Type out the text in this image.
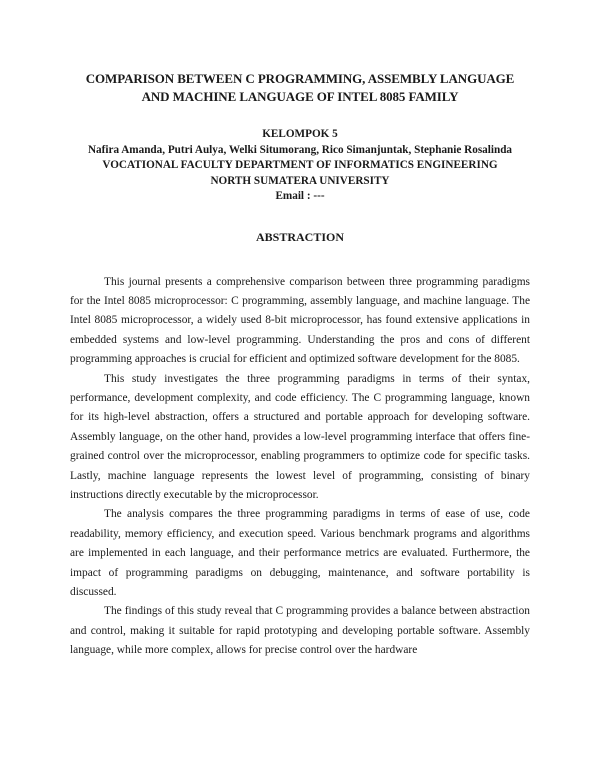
COMPARISON BETWEEN C PROGRAMMING, ASSEMBLY LANGUAGE
AND MACHINE LANGUAGE OF INTEL 8085 FAMILY
KELOMPOK 5
Nafira Amanda, Putri Aulya, Welki Situmorang, Rico Simanjuntak, Stephanie Rosalinda
VOCATIONAL FACULTY DEPARTMENT OF INFORMATICS ENGINEERING
NORTH SUMATERA UNIVERSITY
Email : ---
ABSTRACTION

This journal presents a comprehensive comparison between three programming paradigms for the Intel 8085 microprocessor: C programming, assembly language, and machine language. The Intel 8085 microprocessor, a widely used 8-bit microprocessor, has found extensive applications in embedded systems and low-level programming. Understanding the pros and cons of different programming approaches is crucial for efficient and optimized software development for the 8085.

This study investigates the three programming paradigms in terms of their syntax, performance, development complexity, and code efficiency. The C programming language, known for its high-level abstraction, offers a structured and portable approach for developing software. Assembly language, on the other hand, provides a low-level programming interface that offers fine-grained control over the microprocessor, enabling programmers to optimize code for specific tasks. Lastly, machine language represents the lowest level of programming, consisting of binary instructions directly executable by the microprocessor.

The analysis compares the three programming paradigms in terms of ease of use, code readability, memory efficiency, and execution speed. Various benchmark programs and algorithms are implemented in each language, and their performance metrics are evaluated. Furthermore, the impact of programming paradigms on debugging, maintenance, and software portability is discussed.

The findings of this study reveal that C programming provides a balance between abstraction and control, making it suitable for rapid prototyping and developing portable software. Assembly language, while more complex, allows for precise control over the hardware
